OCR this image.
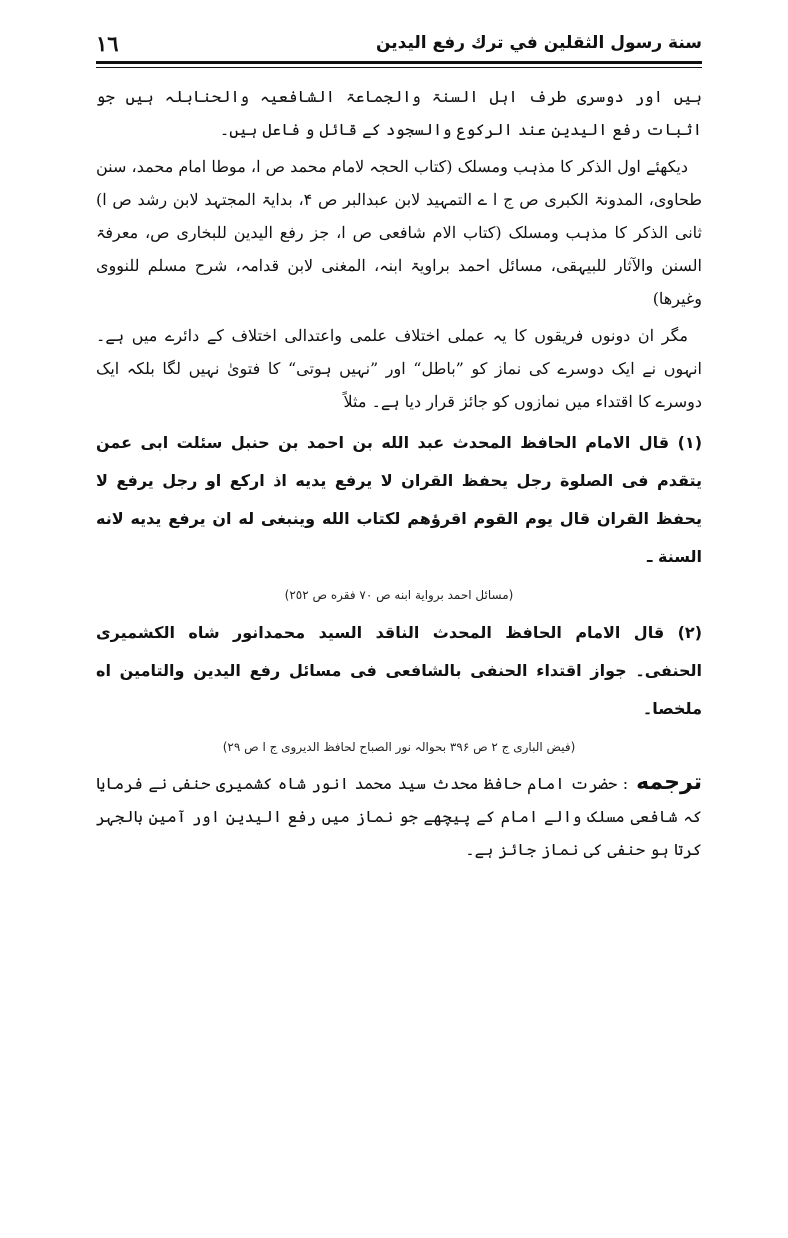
١٦	سنة رسول الثقلين في ترك رفع اليدين

ہیں اور دوسری طرف اہل السنۃ والجماعۃ الشافعیہ والحنابلہ ہیں جو اثبات رفع الیدین عند الرکوع والسجود کے قائل و فاعل ہیں۔

دیکھئے اول الذکر کا مذہب ومسلک (کتاب الحجہ لامام محمد ص ا، موطا امام محمد، سنن طحاوی، المدونۃ الکبری ص ج ا ے التمہید لابن عبدالبر ص ۴، بدایۃ المجتہد لابن رشد ص ا) ثانی الذکر کا مذہب ومسلک (کتاب الام شافعی ص ا، جز رفع الیدین للبخاری ص، معرفۃ السنن والآثار للبیہقی، مسائل احمد براویۃ ابنہ، المغنی لابن قدامہ، شرح مسلم للنووی وغیرھا)

مگر ان دونوں فریقوں کا یہ عملی اختلاف علمی واعتدالی اختلاف کے دائرے میں ہے۔ انہوں نے ایک دوسرے کی نماز کو ”باطل“ اور ”نہیں ہوتی“ کا فتویٰ نہیں لگا بلکہ ایک دوسرے کا اقتداء میں نمازوں کو جائز قرار دیا ہے۔ مثلاً

(۱) قال الامام الحافظ المحدث عبد الله بن احمد بن حنبل سئلت ابی عمن يتقدم فی الصلوة رجل يحفظ القران لا يرفع يديه اذ اركع او رجل يرفع لا يحفظ القران قال يوم القوم اقرؤهم لكتاب الله وينبغی له ان يرفع يديه لانه السنة ـ

(مسائل احمد برواية ابنه ص ٧٠ فقره ص ٢٥٢)

(٢) قال الامام الحافظ المحدث الناقد السيد محمدانور شاه الكشميری الحنفی۔ جواز اقتداء الحنفی بالشافعی فی مسائل رفع اليدين والتامين اه ملخصا۔

(فیض الباری ج ۲ ص ۳۹۶ بحوالہ نور الصباح لحافظ الدیروی ج ا ص ۲۹)

ترجمه: حضرت امام حافظ محدث سید محمد انور شاہ کشمیری حنفی نے فرمایا کہ شافعی مسلک والے امام کے پیچھے جو نماز میں رفع الیدین اور آمین بالجہر کرتا ہو حنفی کی نماز جائز ہے۔
